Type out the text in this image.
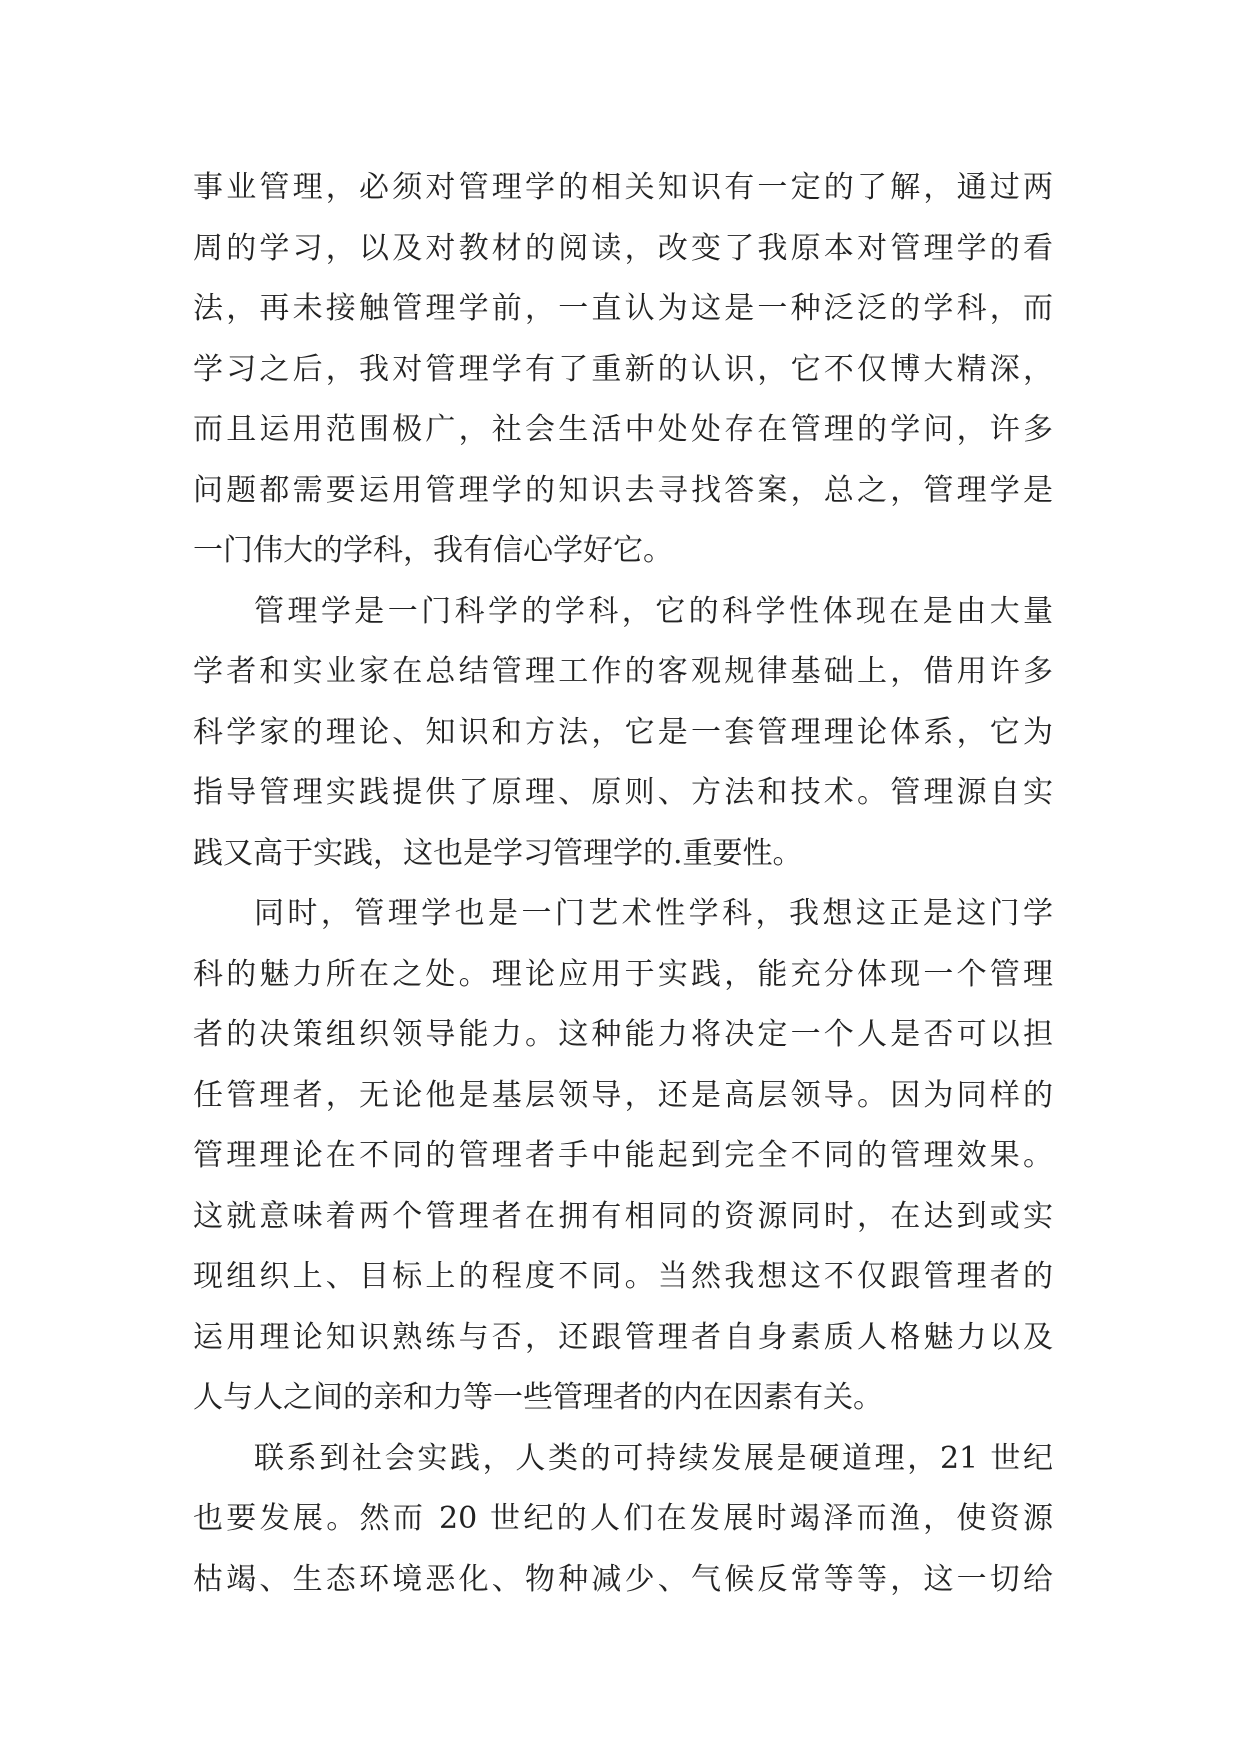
事业管理，必须对管理学的相关知识有一定的了解，通过两
周的学习，以及对教材的阅读，改变了我原本对管理学的看
法，再未接触管理学前，一直认为这是一种泛泛的学科，而
学习之后，我对管理学有了重新的认识，它不仅博大精深，
而且运用范围极广，社会生活中处处存在管理的学问，许多
问题都需要运用管理学的知识去寻找答案，总之，管理学是
一门伟大的学科，我有信心学好它。
管理学是一门科学的学科，它的科学性体现在是由大量
学者和实业家在总结管理工作的客观规律基础上，借用许多
科学家的理论、知识和方法，它是一套管理理论体系，它为
指导管理实践提供了原理、原则、方法和技术。管理源自实
践又高于实践，这也是学习管理学的.重要性。
同时，管理学也是一门艺术性学科，我想这正是这门学
科的魅力所在之处。理论应用于实践，能充分体现一个管理
者的决策组织领导能力。这种能力将决定一个人是否可以担
任管理者，无论他是基层领导，还是高层领导。因为同样的
管理理论在不同的管理者手中能起到完全不同的管理效果。
这就意味着两个管理者在拥有相同的资源同时，在达到或实
现组织上、目标上的程度不同。当然我想这不仅跟管理者的
运用理论知识熟练与否，还跟管理者自身素质人格魅力以及
人与人之间的亲和力等一些管理者的内在因素有关。
联系到社会实践，人类的可持续发展是硬道理，21 世纪
也要发展。然而 20 世纪的人们在发展时竭泽而渔，使资源
枯竭、生态环境恶化、物种减少、气候反常等等，这一切给
